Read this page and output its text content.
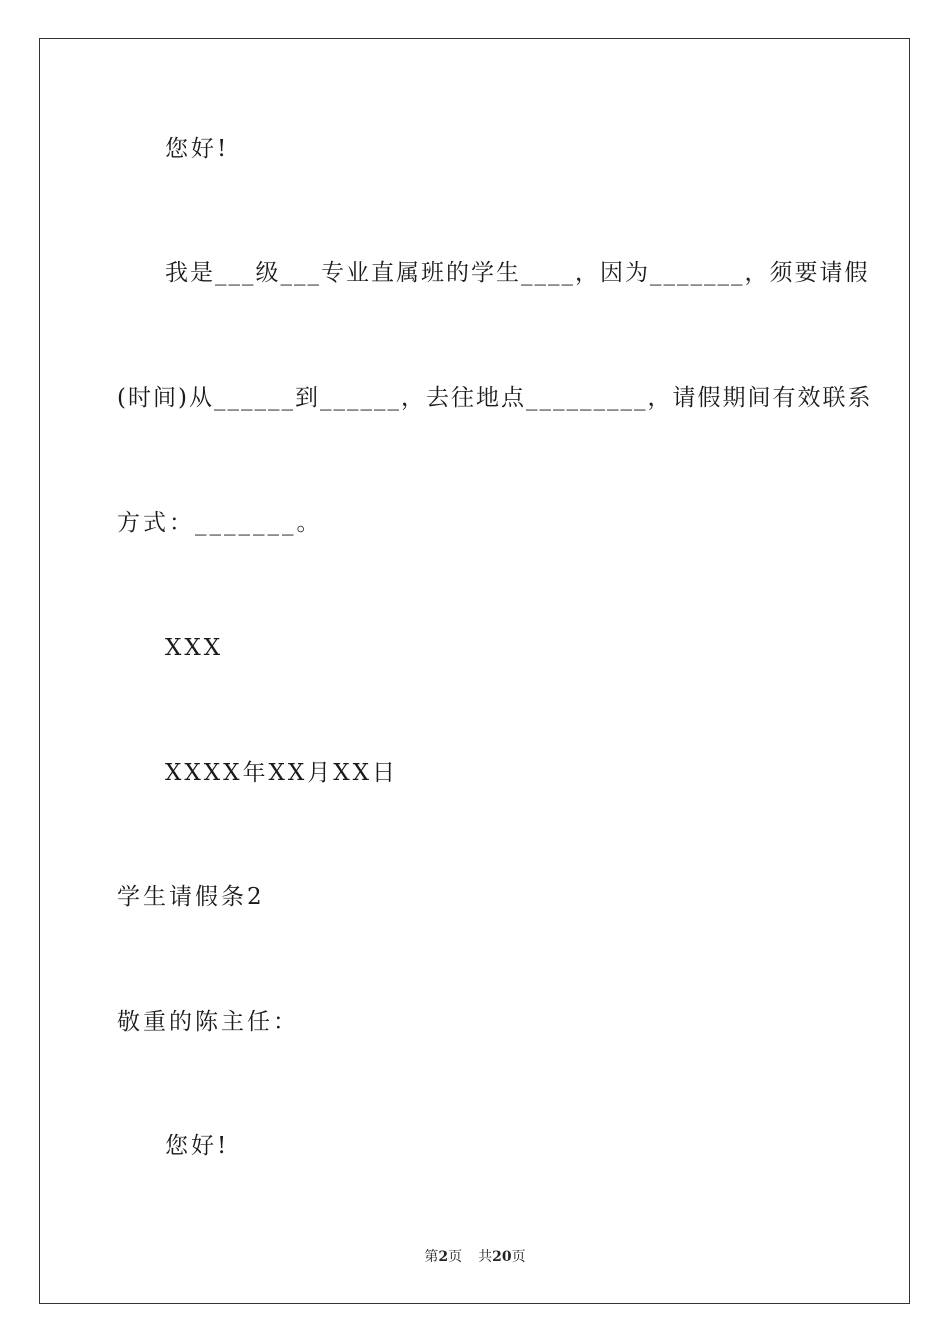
您好!
我是___级___专业直属班的学生____，因为_______，须要请假
(时间)从______到______，去往地点_________，请假期间有效联系
方式：_______。
XXX
XXXX年XX月XX日
学生请假条2
敬重的陈主任：
您好!
第2页 共20页
